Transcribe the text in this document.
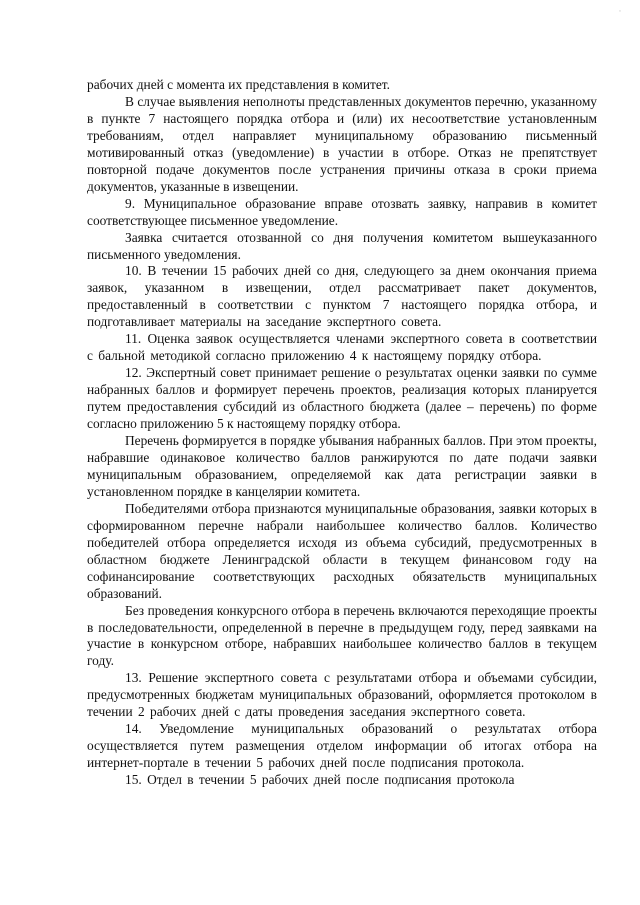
·

рабочих дней с момента их представления в комитет.

В случае выявления неполноты представленных документов перечню, указанному в пункте 7 настоящего порядка отбора и (или) их несоответствие установленным требованиям, отдел направляет муниципальному образованию письменный мотивированный отказ (уведомление) в участии в отборе. Отказ не препятствует повторной подаче документов после устранения причины отказа в сроки приема документов, указанные в извещении.

9. Муниципальное образование вправе отозвать заявку, направив в комитет соответствующее письменное уведомление.

Заявка считается отозванной со дня получения комитетом вышеуказанного письменного уведомления.

10. В течении 15 рабочих дней со дня, следующего за днем окончания приема заявок, указанном в извещении, отдел рассматривает пакет документов, предоставленный в соответствии с пунктом 7 настоящего порядка отбора, и подготавливает материалы на заседание экспертного совета.

11. Оценка заявок осуществляется членами экспертного совета в соответствии с бальной методикой согласно приложению 4 к настоящему порядку отбора.

12. Экспертный совет принимает решение о результатах оценки заявки по сумме набранных баллов и формирует перечень проектов, реализация которых планируется путем предоставления субсидий из областного бюджета (далее – перечень) по форме согласно приложению 5 к настоящему порядку отбора.

Перечень формируется в порядке убывания набранных баллов. При этом проекты, набравшие одинаковое количество баллов ранжируются по дате подачи заявки муниципальным образованием, определяемой как дата регистрации заявки в установленном порядке в канцелярии комитета.

Победителями отбора признаются муниципальные образования, заявки которых в сформированном перечне набрали наибольшее количество баллов. Количество победителей отбора определяется исходя из объема субсидий, предусмотренных в областном бюджете Ленинградской области в текущем финансовом году на софинансирование соответствующих расходных обязательств муниципальных образований.

Без проведения конкурсного отбора в перечень включаются переходящие проекты в последовательности, определенной в перечне в предыдущем году, перед заявками на участие в конкурсном отборе, набравших наибольшее количество баллов в текущем году.

13. Решение экспертного совета с результатами отбора и объемами субсидии, предусмотренных бюджетам муниципальных образований, оформляется протоколом в течении 2 рабочих дней с даты проведения заседания экспертного совета.

14. Уведомление муниципальных образований о результатах отбора осуществляется путем размещения отделом информации об итогах отбора на интернет-портале в течении 5 рабочих дней после подписания протокола.

15. Отдел в течении 5 рабочих дней после подписания протокола
